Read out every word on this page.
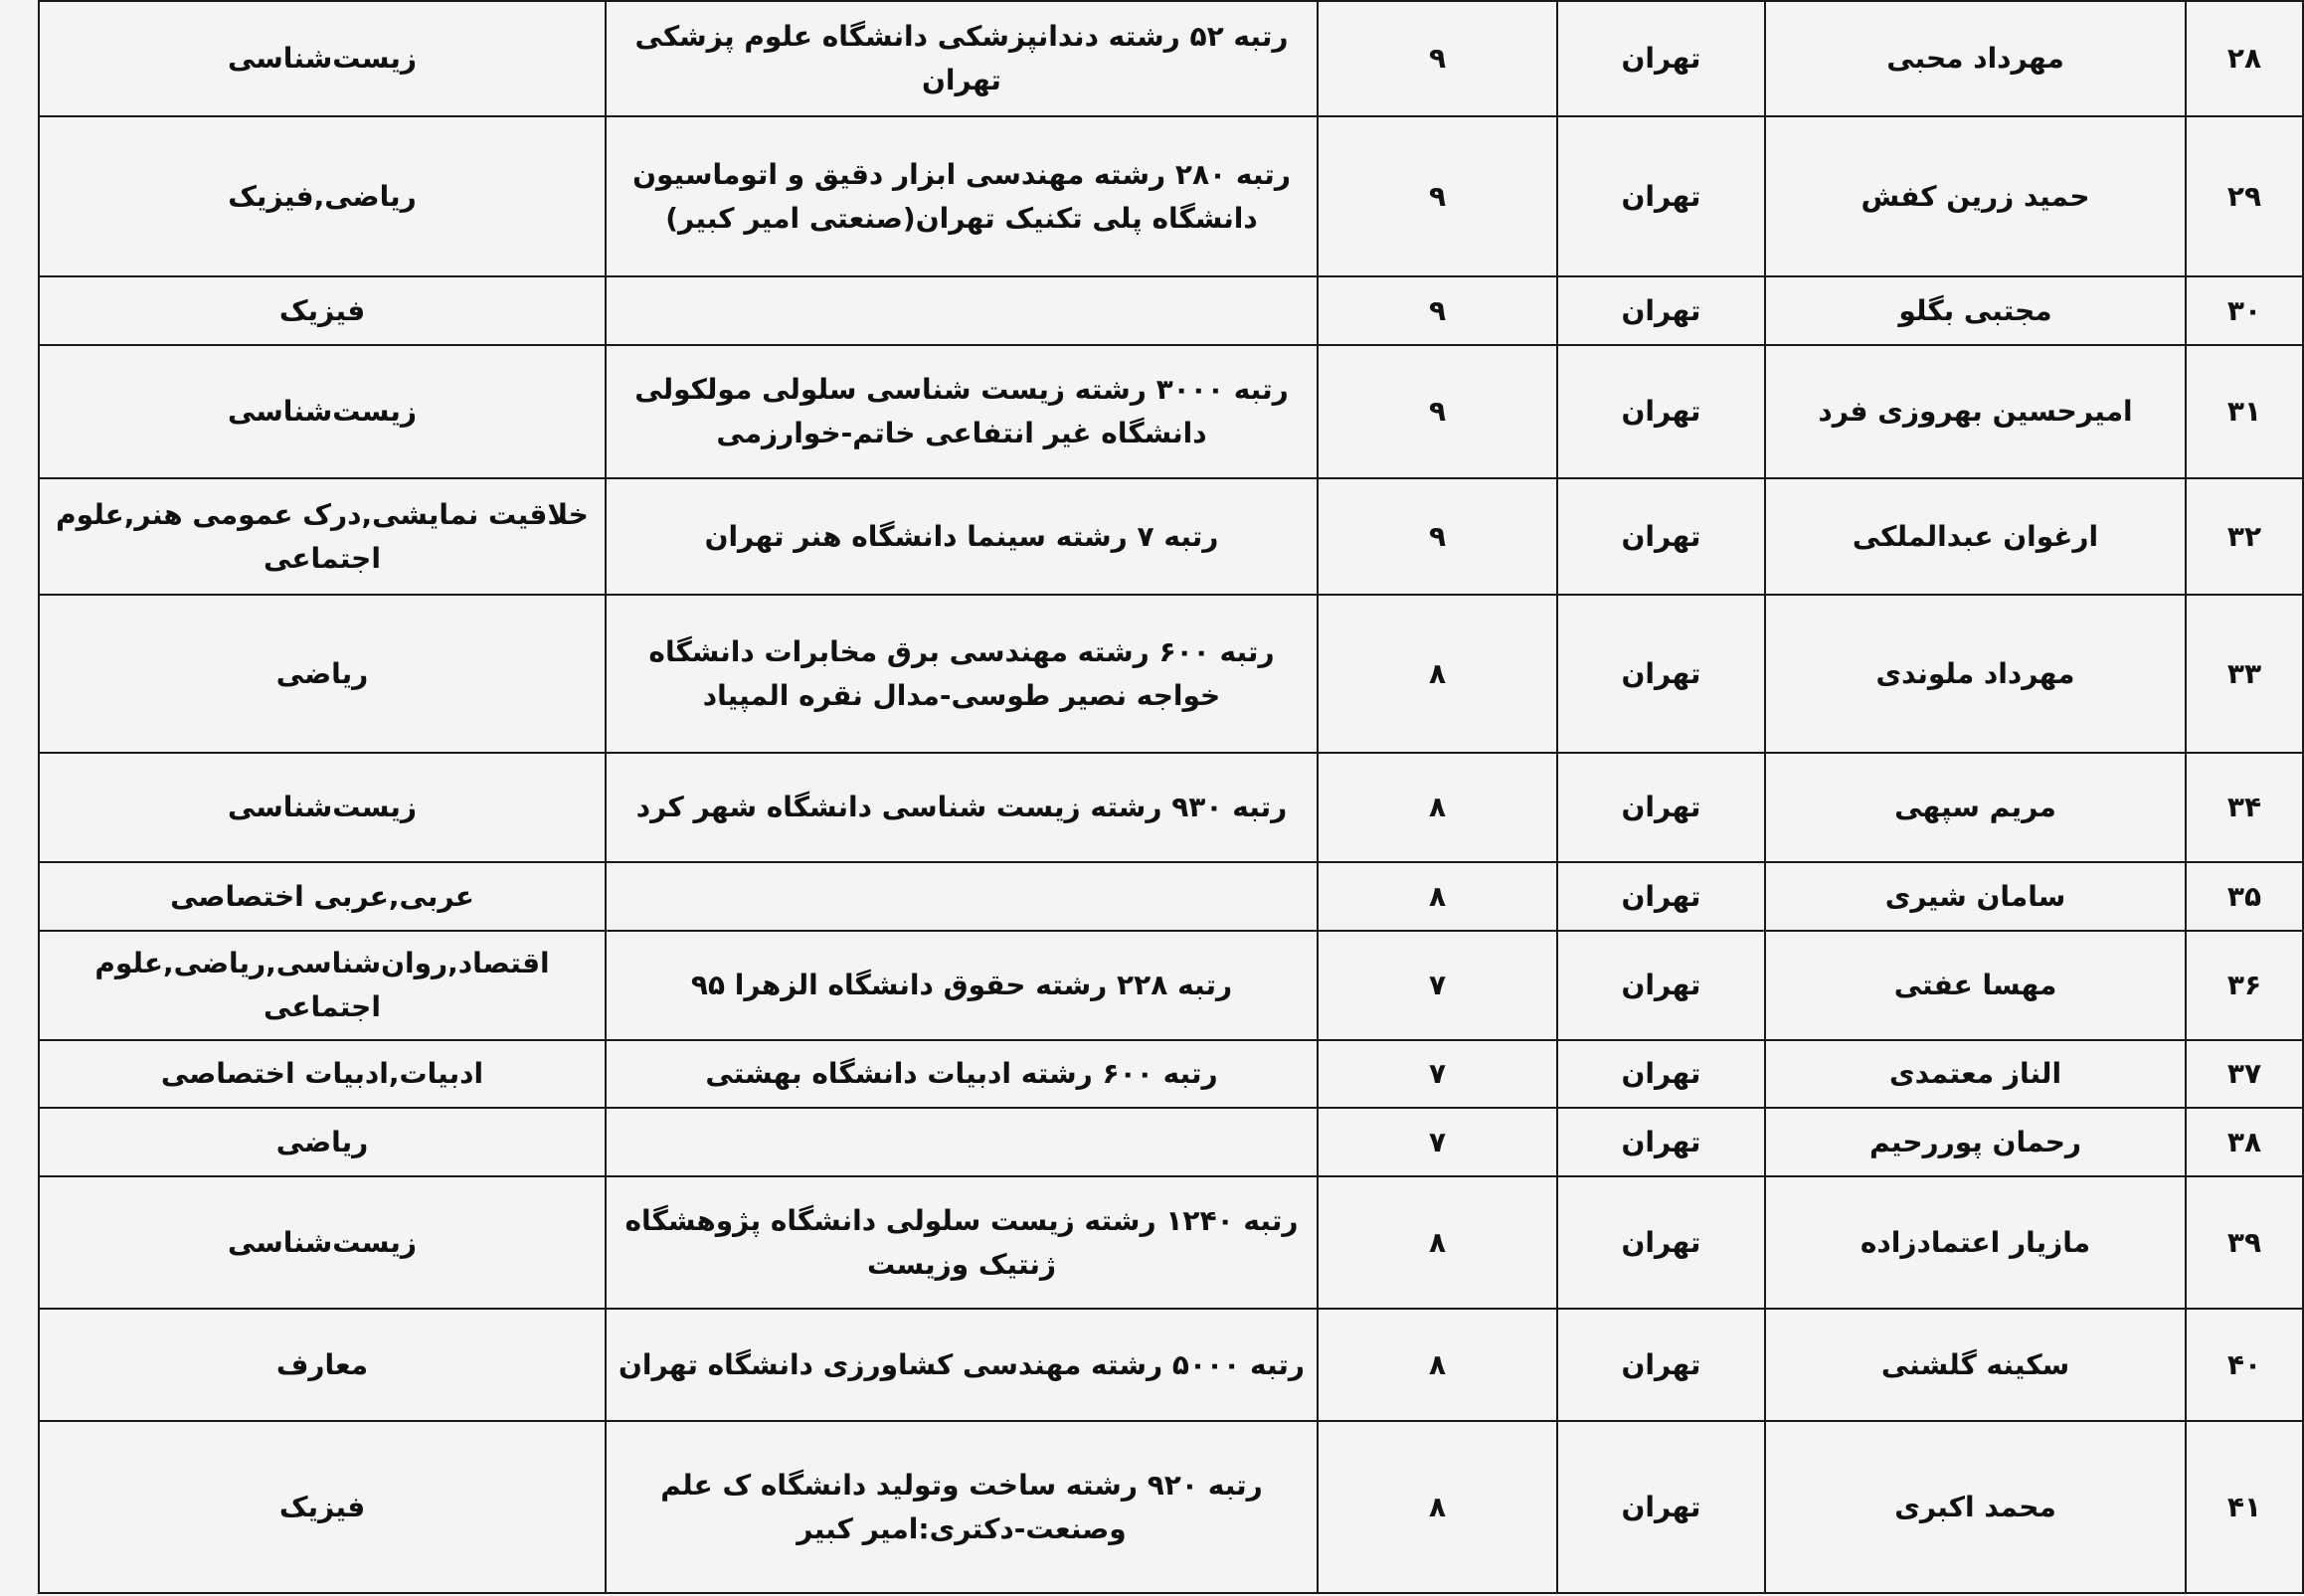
۲۸	مهرداد محبی	تهران	۹	رتبه ۵۲ رشته دندانپزشکی دانشگاه علوم پزشکی تهران	زیست‌شناسی
۲۹	حمید زرین کفش	تهران	۹	رتبه ۲۸۰ رشته مهندسی ابزار دقیق و اتوماسیون دانشگاه پلی تکنیک تهران(صنعتی امیر کبیر)	ریاضی,فیزیک
۳۰	مجتبی بگلو	تهران	۹		فیزیک
۳۱	امیرحسین بهروزی فرد	تهران	۹	رتبه ۳۰۰۰ رشته زیست شناسی سلولی مولکولی دانشگاه غیر انتفاعی خاتم-خوارزمی	زیست‌شناسی
۳۲	ارغوان عبدالملکی	تهران	۹	رتبه ۷ رشته سینما دانشگاه هنر تهران	خلاقیت نمایشی,درک عمومی هنر,علوم اجتماعی
۳۳	مهرداد ملوندی	تهران	۸	رتبه ۶۰۰ رشته مهندسی برق مخابرات دانشگاه خواجه نصیر طوسی-مدال نقره المپیاد	ریاضی
۳۴	مریم سپهی	تهران	۸	رتبه ۹۳۰ رشته زیست شناسی دانشگاه شهر کرد	زیست‌شناسی
۳۵	سامان شیری	تهران	۸		عربی,عربی اختصاصی
۳۶	مهسا عفتی	تهران	۷	رتبه ۲۲۸ رشته حقوق دانشگاه الزهرا ۹۵	اقتصاد,روان‌شناسی,ریاضی,علوم اجتماعی
۳۷	الناز معتمدی	تهران	۷	رتبه ۶۰۰ رشته ادبیات دانشگاه بهشتی	ادبیات,ادبیات اختصاصی
۳۸	رحمان پوررحیم	تهران	۷		ریاضی
۳۹	مازیار اعتمادزاده	تهران	۸	رتبه ۱۲۴۰ رشته زیست سلولی دانشگاه پژوهشگاه ژنتیک وزیست	زیست‌شناسی
۴۰	سکینه گلشنی	تهران	۸	رتبه ۵۰۰۰ رشته مهندسی کشاورزی دانشگاه تهران	معارف
۴۱	محمد اکبری	تهران	۸	رتبه ۹۲۰ رشته ساخت وتولید دانشگاه ک علم وصنعت-دکتری:امیر کبیر	فیزیک
